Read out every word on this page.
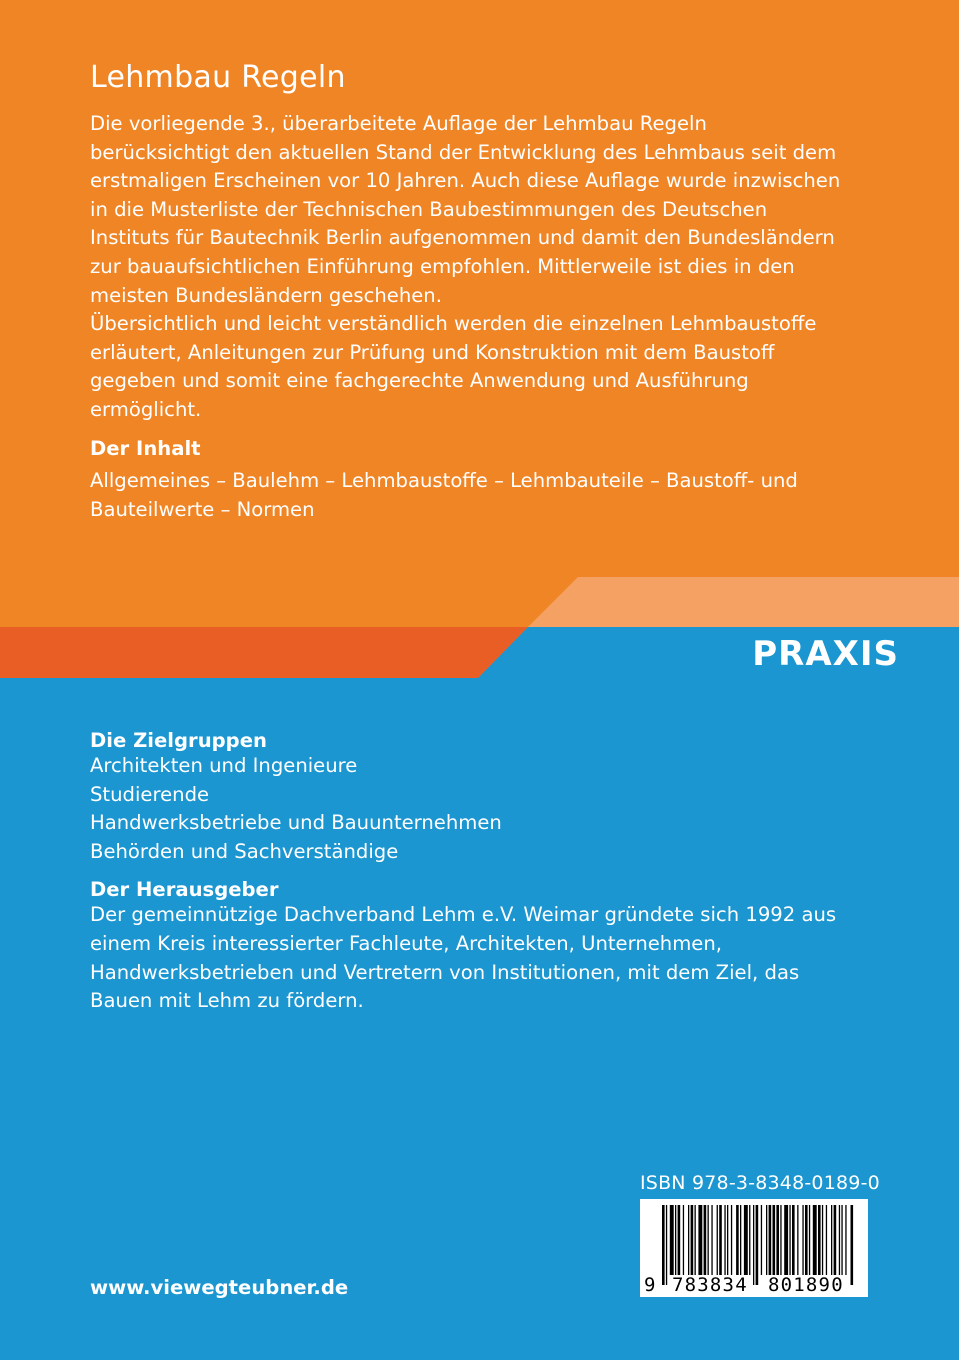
Lehmbau Regeln

Die vorliegende 3., überarbeitete Auflage der Lehmbau Regeln berücksichtigt den aktuellen Stand der Entwicklung des Lehmbaus seit dem erstmaligen Erscheinen vor 10 Jahren. Auch diese Auflage wurde inzwischen in die Musterliste der Technischen Baubestimmungen des Deutschen Instituts für Bautechnik Berlin aufgenommen und damit den Bundesländern zur bauaufsichtlichen Einführung empfohlen. Mittlerweile ist dies in den meisten Bundesländern geschehen.

Übersichtlich und leicht verständlich werden die einzelnen Lehmbaustoffe erläutert, Anleitungen zur Prüfung und Konstruktion mit dem Baustoff gegeben und somit eine fachgerechte Anwendung und Ausführung ermöglicht.

Der Inhalt
Allgemeines – Baulehm – Lehmbaustoffe – Lehmbauteile – Baustoff- und Bauteilwerte – Normen
PRAXIS
Die Zielgruppen
Architekten und Ingenieure
Studierende
Handwerksbetriebe und Bauunternehmen
Behörden und Sachverständige
Der Herausgeber
Der gemeinnützige Dachverband Lehm e.V. Weimar gründete sich 1992 aus einem Kreis interessierter Fachleute, Architekten, Unternehmen, Handwerksbetrieben und Vertretern von Institutionen, mit dem Ziel, das Bauen mit Lehm zu fördern.
ISBN 978-3-8348-0189-0
9 783834 801890
www.viewegteubner.de
